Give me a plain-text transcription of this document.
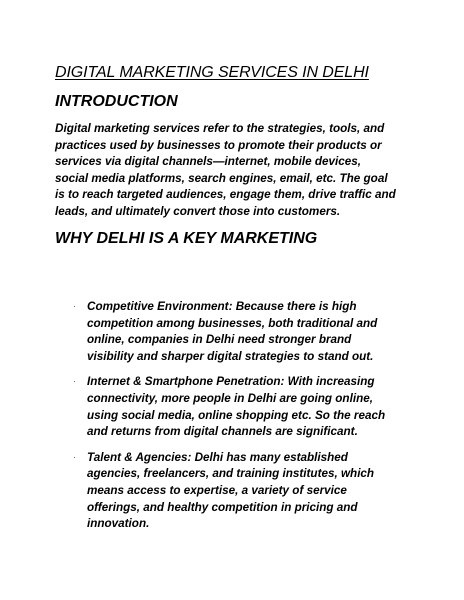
DIGITAL MARKETING SERVICES IN DELHI
INTRODUCTION

Digital marketing services refer to the strategies, tools, and
practices used by businesses to promote their products or
services via digital channels—internet, mobile devices,
social media platforms, search engines, email, etc. The goal
is to reach targeted audiences, engage them, drive traffic and
leads, and ultimately convert those into customers.

WHY DELHI IS A KEY MARKETING
· Competitive Environment: Because there is high
competition among businesses, both traditional and
online, companies in Delhi need stronger brand
visibility and sharper digital strategies to stand out.
· Internet & Smartphone Penetration: With increasing
connectivity, more people in Delhi are going online,
using social media, online shopping etc. So the reach
and returns from digital channels are significant.
· Talent & Agencies: Delhi has many established
agencies, freelancers, and training institutes, which
means access to expertise, a variety of service
offerings, and healthy competition in pricing and
innovation.
